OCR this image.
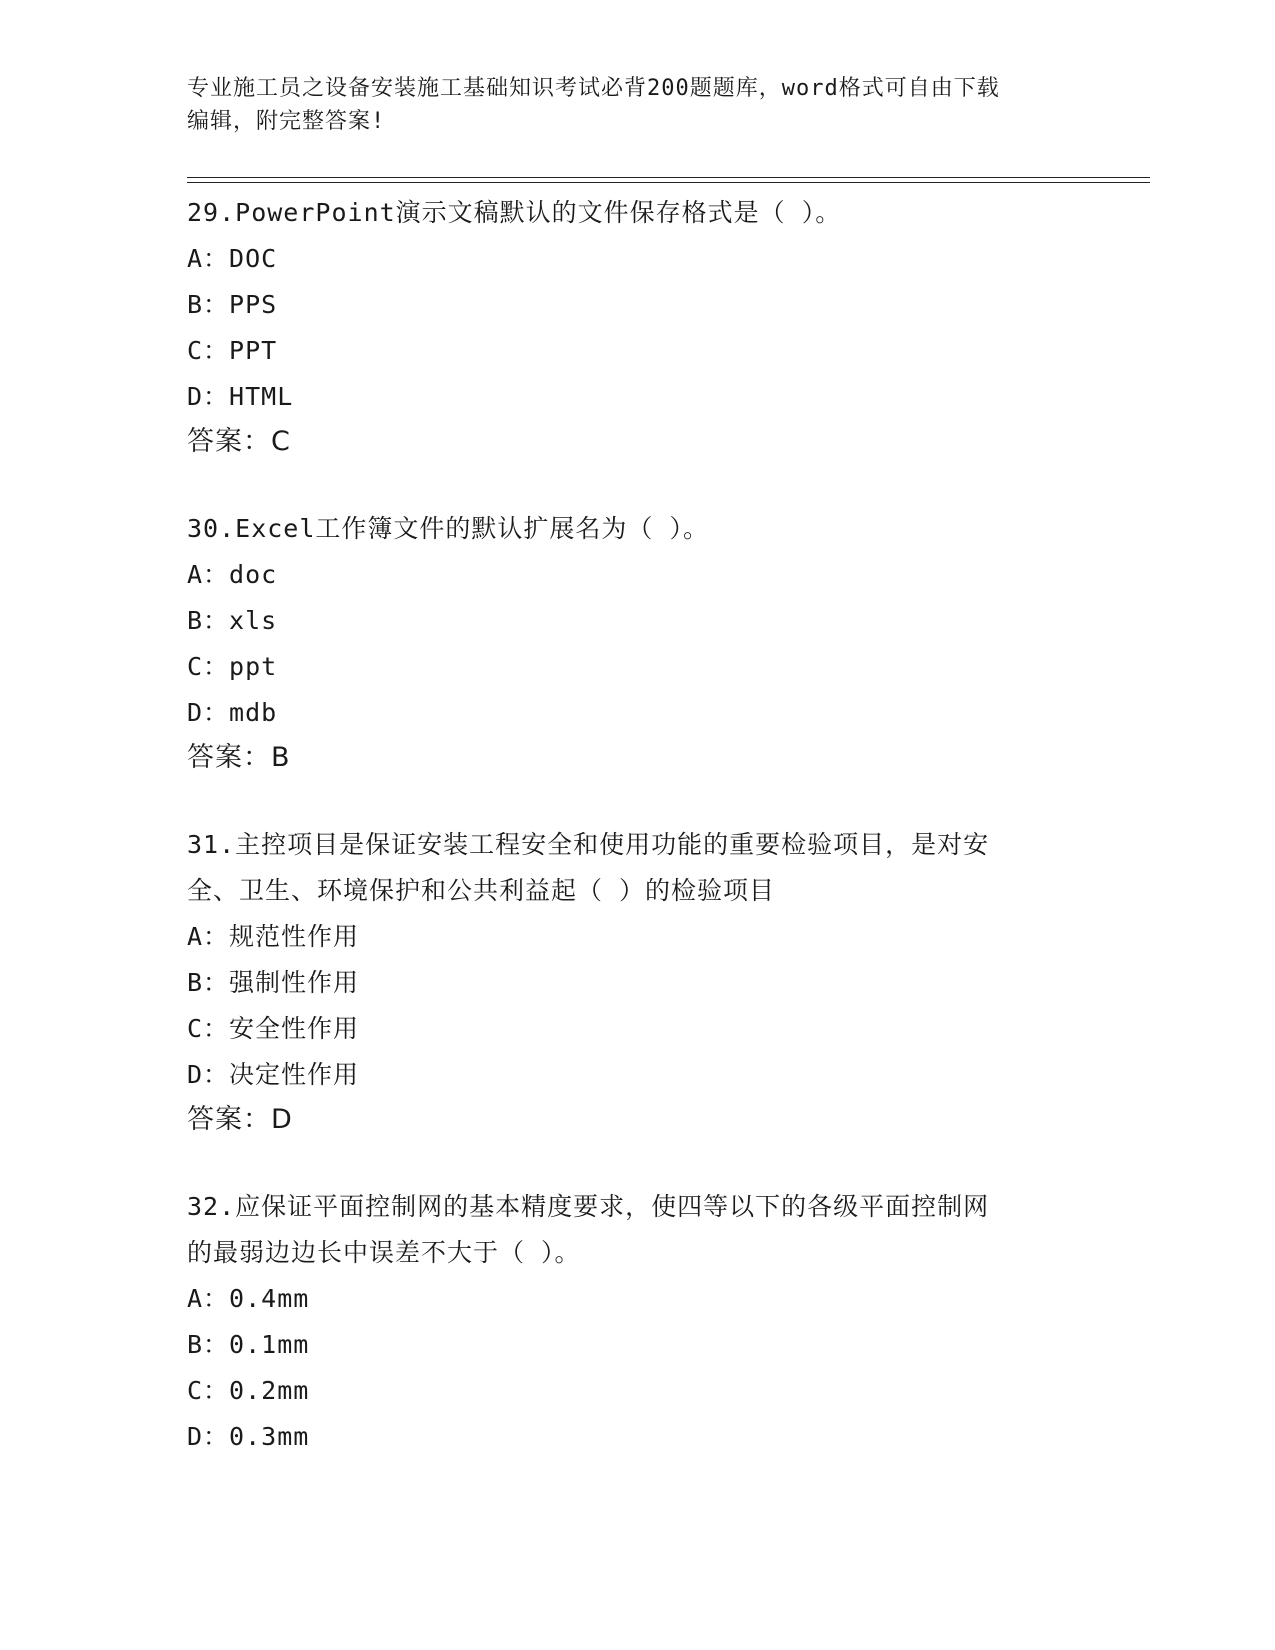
专业施工员之设备安装施工基础知识考试必背200题题库，word格式可自由下载
编辑，附完整答案!
29.PowerPoint演示文稿默认的文件保存格式是（ ）。
A：DOC
B：PPS
C：PPT
D：HTML
答案：C
30.Excel工作簿文件的默认扩展名为（ ）。
A：doc
B：xls
C：ppt
D：mdb
答案：B
31.主控项目是保证安装工程安全和使用功能的重要检验项目，是对安
全、卫生、环境保护和公共利益起（ ）的检验项目
A：规范性作用
B：强制性作用
C：安全性作用
D：决定性作用
答案：D
32.应保证平面控制网的基本精度要求，使四等以下的各级平面控制网
的最弱边边长中误差不大于（ ）。
A：0.4mm
B：0.1mm
C：0.2mm
D：0.3mm
